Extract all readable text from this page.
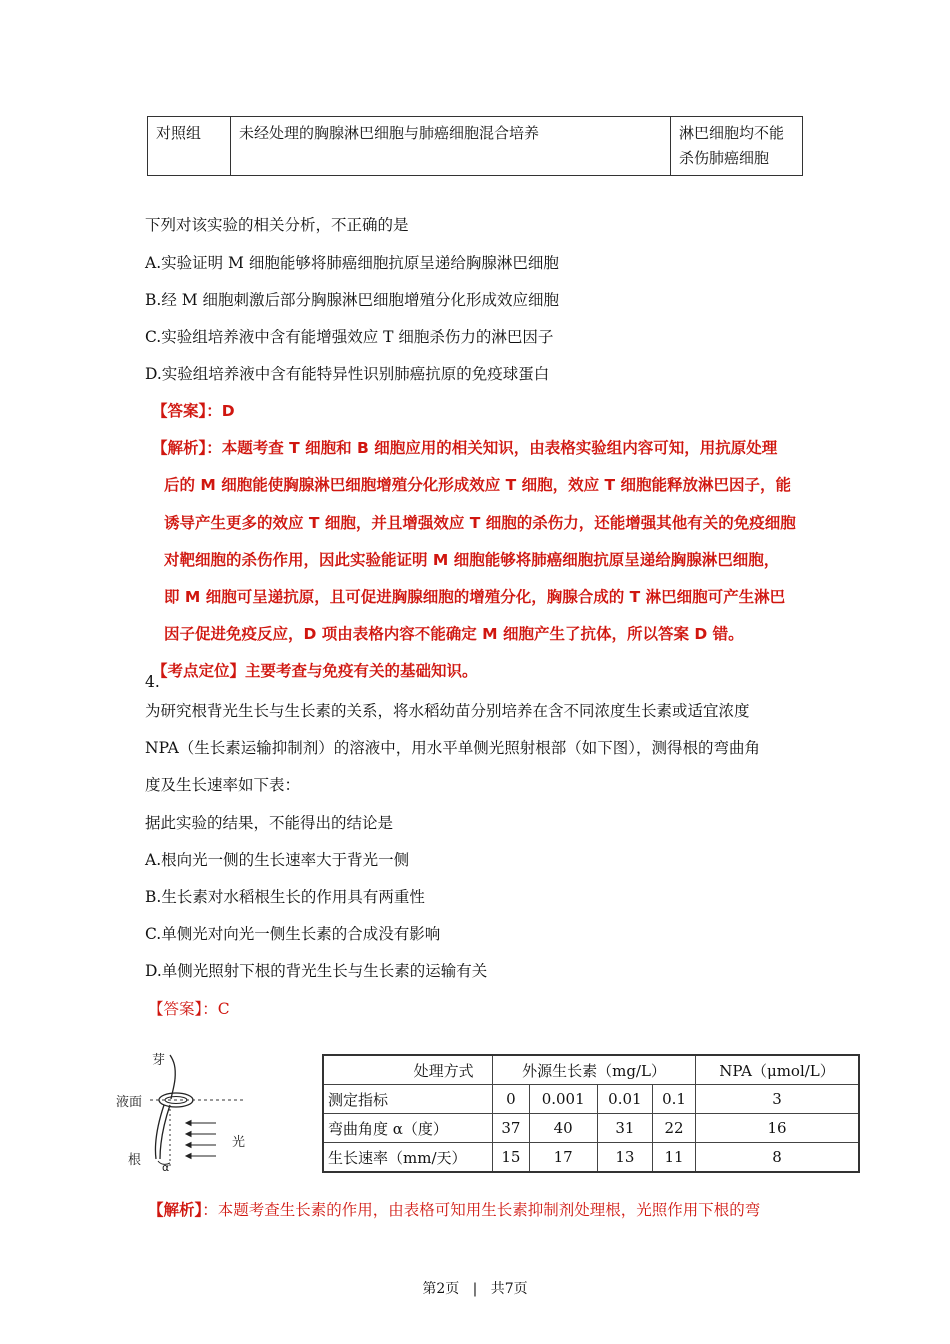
对照组	未经处理的胸腺淋巴细胞与肺癌细胞混合培养	淋巴细胞均不能杀伤肺癌细胞
下列对该实验的相关分析，不正确的是
A.实验证明 M 细胞能够将肺癌细胞抗原呈递给胸腺淋巴细胞
B.经 M 细胞刺激后部分胸腺淋巴细胞增殖分化形成效应细胞
C.实验组培养液中含有能增强效应 T 细胞杀伤力的淋巴因子
D.实验组培养液中含有能特异性识别肺癌抗原的免疫球蛋白
【答案】：D
【解析】：本题考查 T 细胞和 B 细胞应用的相关知识，由表格实验组内容可知，用抗原处理
后的 M 细胞能使胸腺淋巴细胞增殖分化形成效应 T 细胞，效应 T 细胞能释放淋巴因子，能
诱导产生更多的效应 T 细胞，并且增强效应 T 细胞的杀伤力，还能增强其他有关的免疫细胞
对靶细胞的杀伤作用，因此实验能证明 M 细胞能够将肺癌细胞抗原呈递给胸腺淋巴细胞，
即 M 细胞可呈递抗原，且可促进胸腺细胞的增殖分化，胸腺合成的 T 淋巴细胞可产生淋巴
因子促进免疫反应，D 项由表格内容不能确定 M 细胞产生了抗体，所以答案 D 错。
【考点定位】主要考查与免疫有关的基础知识。
4.
为研究根背光生长与生长素的关系，将水稻幼苗分别培养在含不同浓度生长素或适宜浓度
NPA（生长素运输抑制剂）的溶液中，用水平单侧光照射根部（如下图），测得根的弯曲角
度及生长速率如下表：
据此实验的结果，不能得出的结论是
A.根向光一侧的生长速率大于背光一侧
B.生长素对水稻根生长的作用具有两重性
C.单侧光对向光一侧生长素的合成没有影响
D.单侧光照射下根的背光生长与生长素的运输有关
【答案】：C
芽
液面
光
根 α
处理方式	外源生长素（mg/L）				NPA（μmol/L）
测定指标	0	0.001	0.01	0.1	3
弯曲角度 α（度）	37	40	31	22	16
生长速率（mm/天）	15	17	13	11	8
【解析】：本题考查生长素的作用，由表格可知用生长素抑制剂处理根，光照作用下根的弯
第2页 | 共7页
